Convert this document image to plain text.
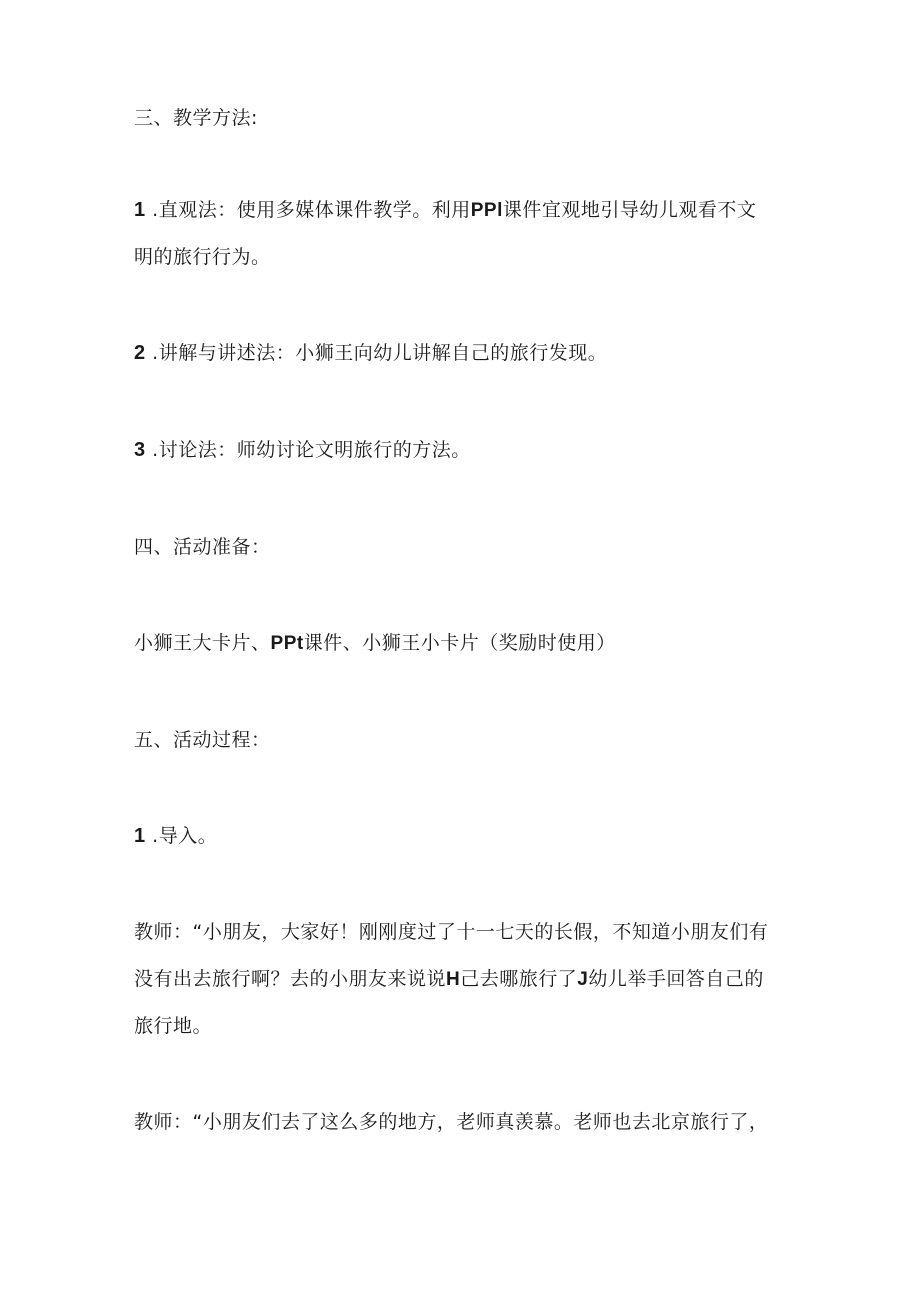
三、教学方法:
1 .直观法：使用多媒体课件教学。利用PPl课件宜观地引导幼儿观看不文
明的旅行行为。
2 .讲解与讲述法：小狮王向幼儿讲解自己的旅行发现。
3 .讨论法：师幼讨论文明旅行的方法。
四、活动准备：
小狮王大卡片、PPt课件、小狮王小卡片（奖励时使用）
五、活动过程：
1 .导入。
教师：“小朋友，大家好！刚刚度过了十一七天的长假，不知道小朋友们有
没有出去旅行啊？去的小朋友来说说H己去哪旅行了J幼儿举手回答自己的
旅行地。
教师：“小朋友们去了这么多的地方，老师真羡慕。老师也去北京旅行了，
